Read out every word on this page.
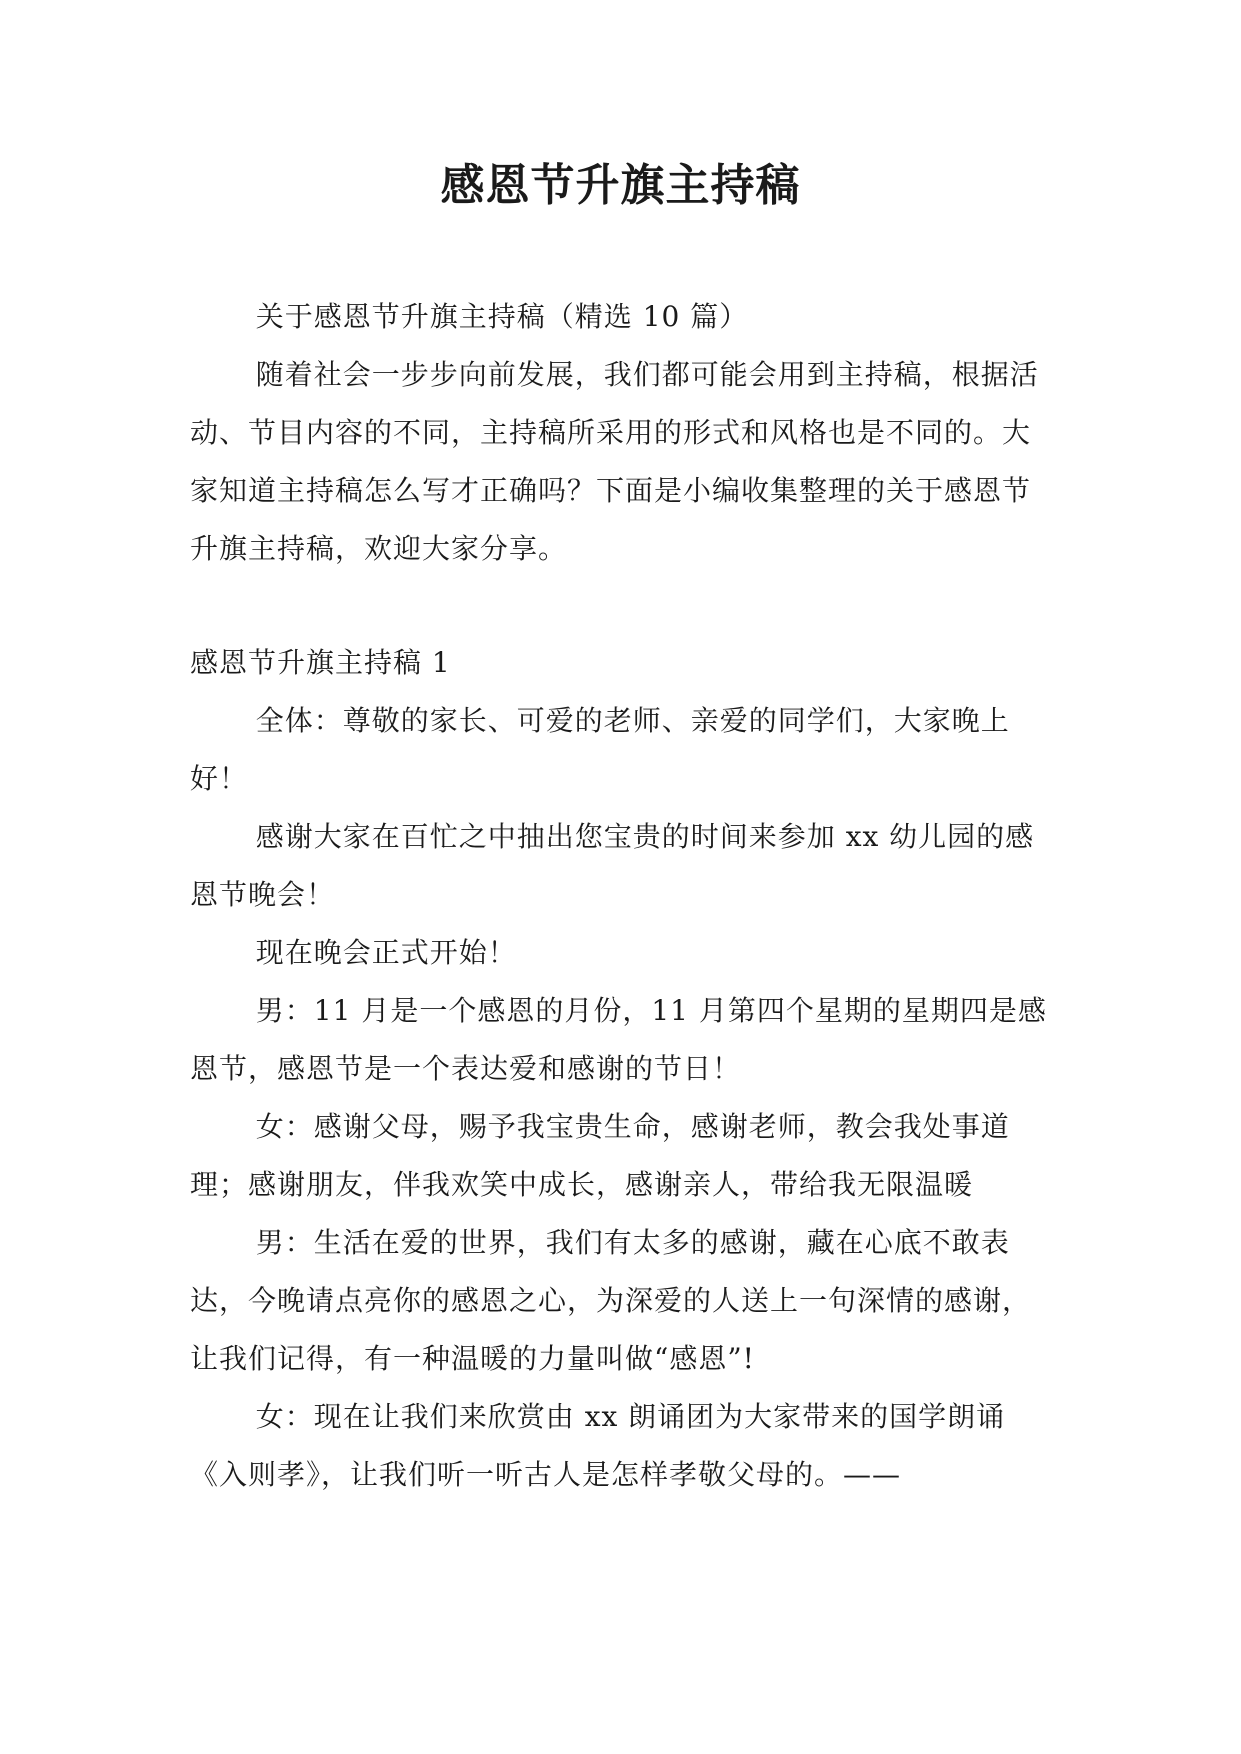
感恩节升旗主持稿

关于感恩节升旗主持稿（精选 10 篇）

随着社会一步步向前发展，我们都可能会用到主持稿，根据活动、节目内容的不同，主持稿所采用的形式和风格也是不同的。大家知道主持稿怎么写才正确吗？下面是小编收集整理的关于感恩节升旗主持稿，欢迎大家分享。

感恩节升旗主持稿 1

全体：尊敬的家长、可爱的老师、亲爱的同学们，大家晚上好！

感谢大家在百忙之中抽出您宝贵的时间来参加 xx 幼儿园的感恩节晚会！

现在晚会正式开始！

男：11 月是一个感恩的月份，11 月第四个星期的星期四是感恩节，感恩节是一个表达爱和感谢的节日！

女：感谢父母，赐予我宝贵生命，感谢老师，教会我处事道理；感谢朋友，伴我欢笑中成长，感谢亲人，带给我无限温暖

男：生活在爱的世界，我们有太多的感谢，藏在心底不敢表达，今晚请点亮你的感恩之心，为深爱的人送上一句深情的感谢，让我们记得，有一种温暖的力量叫做“感恩”!

女：现在让我们来欣赏由 xx 朗诵团为大家带来的国学朗诵《入则孝》，让我们听一听古人是怎样孝敬父母的。——
